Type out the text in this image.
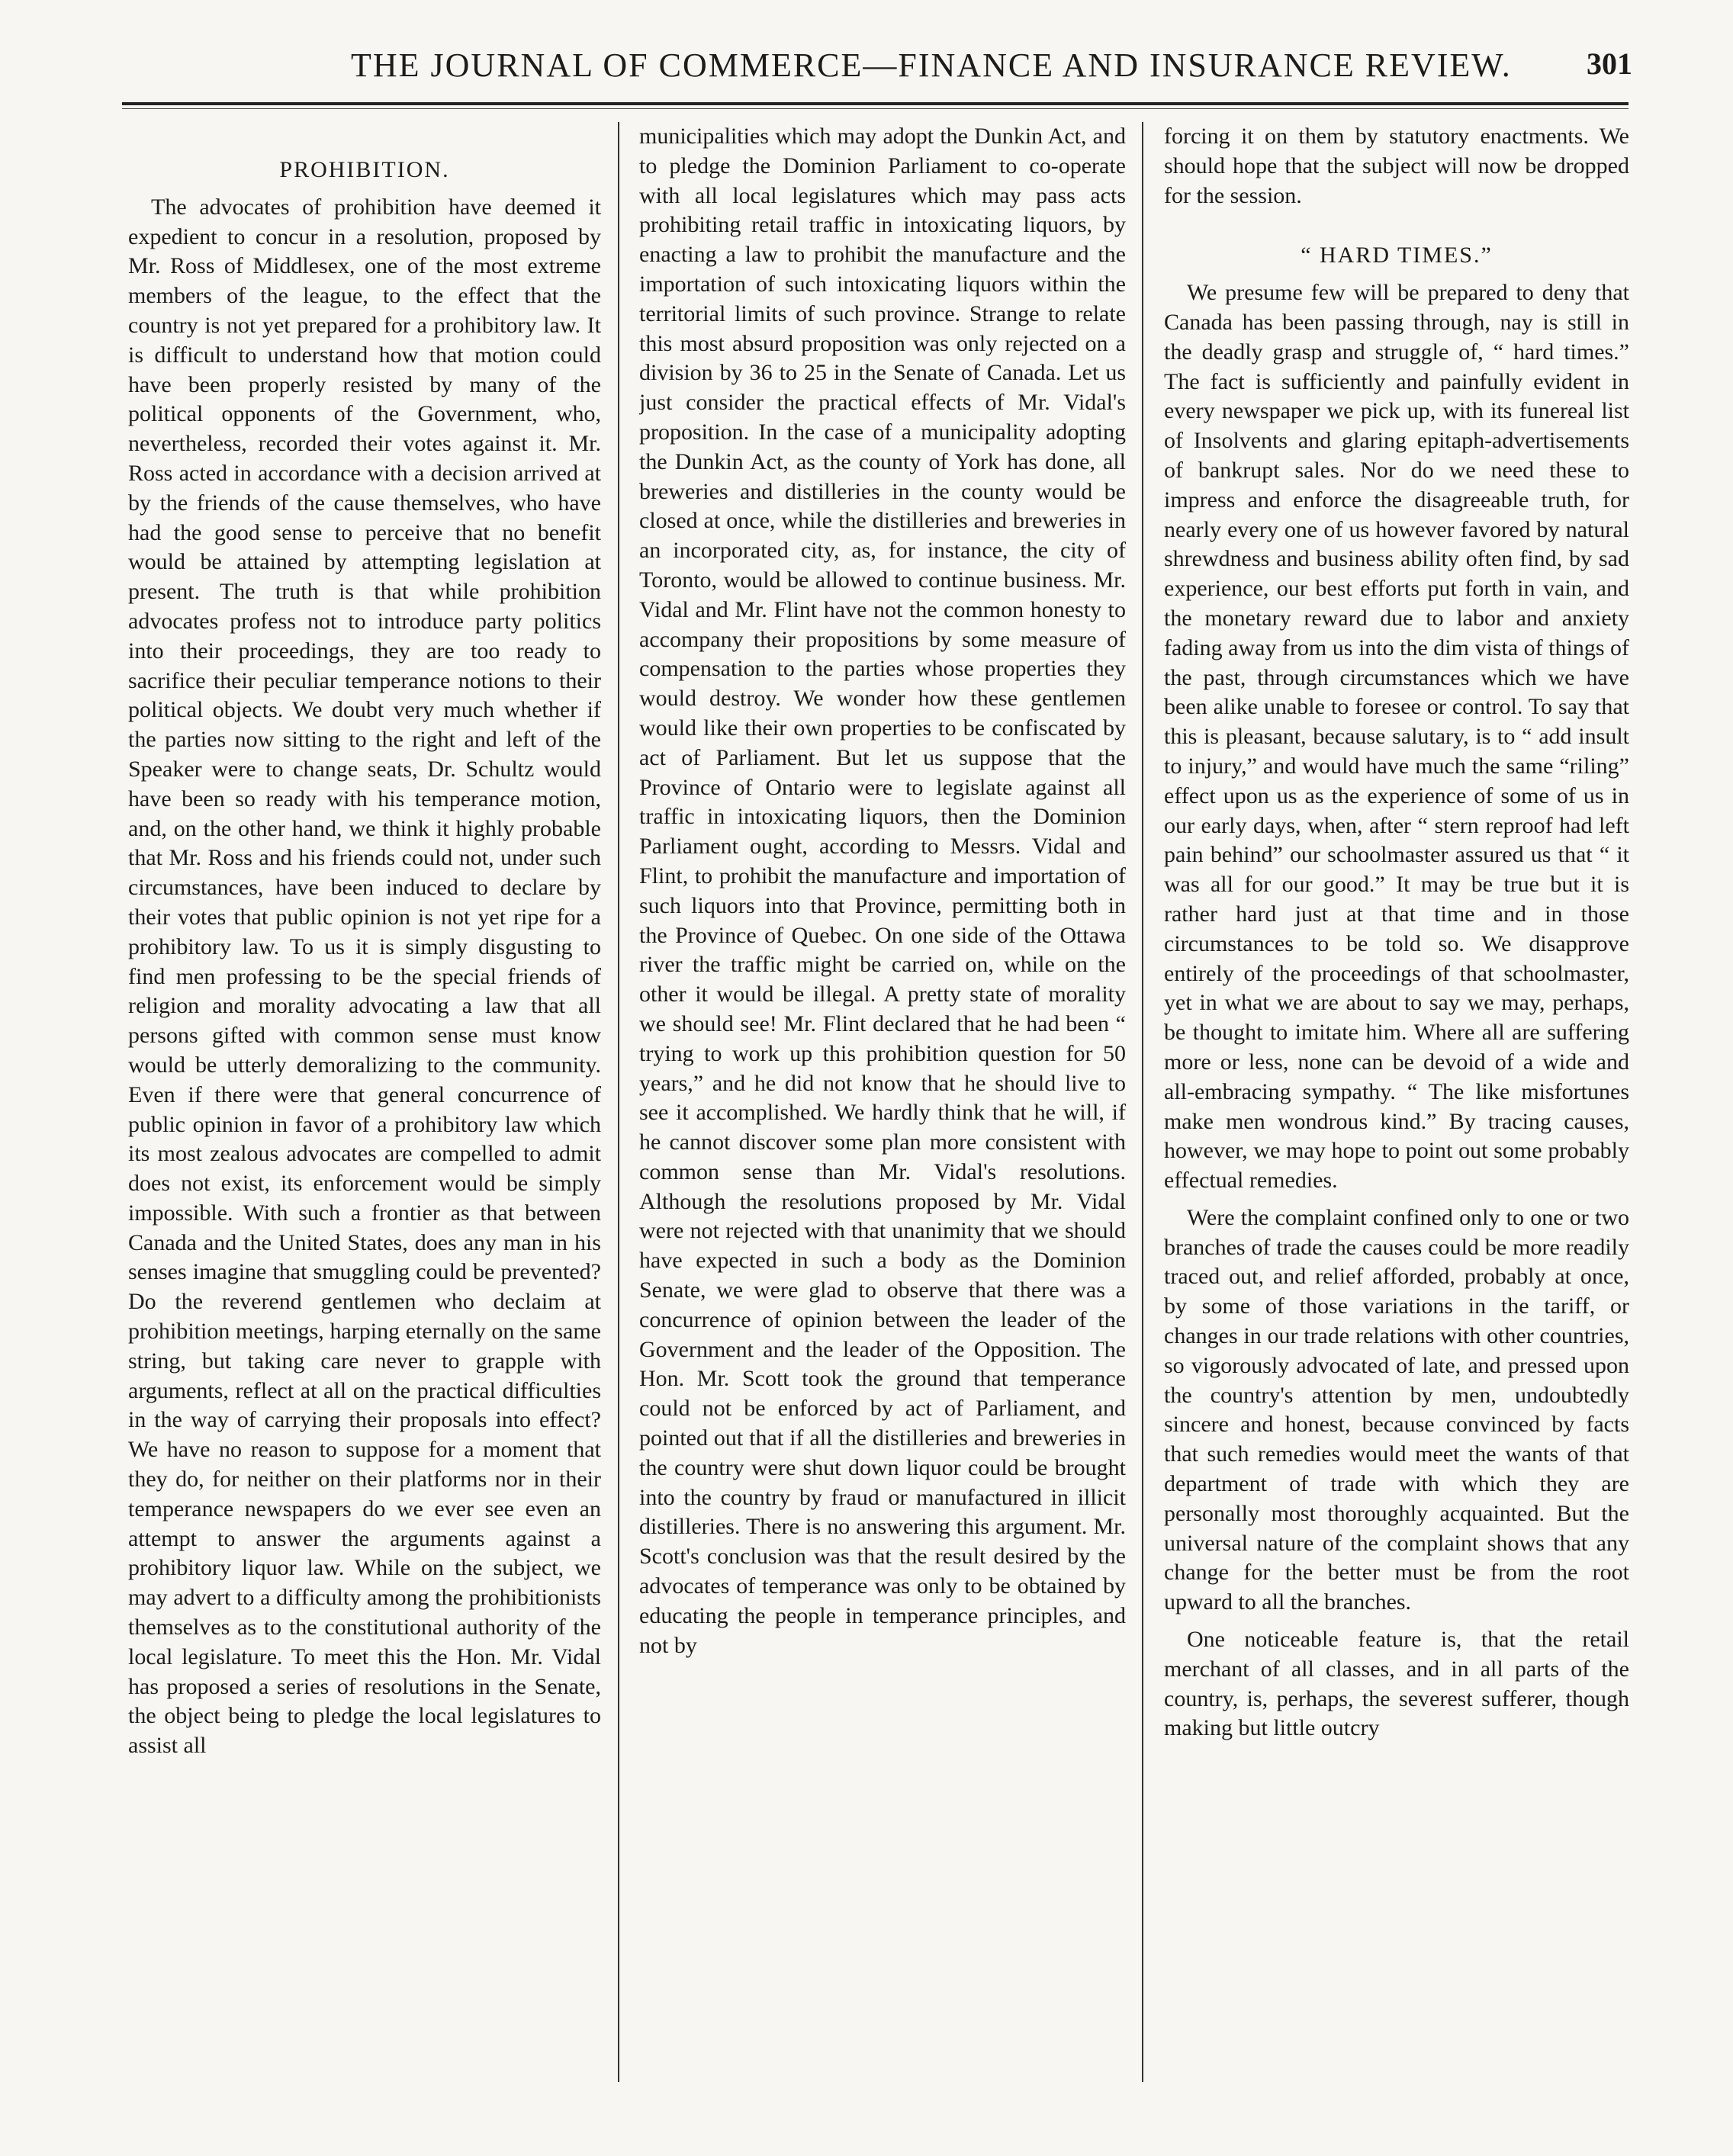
THE JOURNAL OF COMMERCE—FINANCE AND INSURANCE REVIEW. 301
PROHIBITION.

The advocates of prohibition have deemed it expedient to concur in a resolution, proposed by Mr. Ross of Middlesex, one of the most extreme members of the league, to the effect that the country is not yet prepared for a prohibitory law. It is difficult to understand how that motion could have been properly resisted by many of the political opponents of the Government, who, nevertheless, recorded their votes against it. Mr. Ross acted in accordance with a decision arrived at by the friends of the cause themselves, who have had the good sense to perceive that no benefit would be attained by attempting legislation at present. The truth is that while prohibition advocates profess not to introduce party politics into their proceedings, they are too ready to sacrifice their peculiar temperance notions to their political objects. We doubt very much whether if the parties now sitting to the right and left of the Speaker were to change seats, Dr. Schultz would have been so ready with his temperance motion, and, on the other hand, we think it highly probable that Mr. Ross and his friends could not, under such circumstances, have been induced to declare by their votes that public opinion is not yet ripe for a prohibitory law. To us it is simply disgusting to find men professing to be the special friends of religion and morality advocating a law that all persons gifted with common sense must know would be utterly demoralizing to the community. Even if there were that general concurrence of public opinion in favor of a prohibitory law which its most zealous advocates are compelled to admit does not exist, its enforcement would be simply impossible. With such a frontier as that between Canada and the United States, does any man in his senses imagine that smuggling could be prevented? Do the reverend gentlemen who declaim at prohibition meetings, harping eternally on the same string, but taking care never to grapple with arguments, reflect at all on the practical difficulties in the way of carrying their proposals into effect? We have no reason to suppose for a moment that they do, for neither on their platforms nor in their temperance newspapers do we ever see even an attempt to answer the arguments against a prohibitory liquor law. While on the subject, we may advert to a difficulty among the prohibitionists themselves as to the constitutional authority of the local legislature. To meet this the Hon. Mr. Vidal has proposed a series of resolutions in the Senate, the object being to pledge the local legislatures to assist all

municipalities which may adopt the Dunkin Act, and to pledge the Dominion Parliament to co-operate with all local legislatures which may pass acts prohibiting retail traffic in intoxicating liquors, by enacting a law to prohibit the manufacture and the importation of such intoxicating liquors within the territorial limits of such province. Strange to relate this most absurd proposition was only rejected on a division by 36 to 25 in the Senate of Canada. Let us just consider the practical effects of Mr. Vidal's proposition. In the case of a municipality adopting the Dunkin Act, as the county of York has done, all breweries and distilleries in the county would be closed at once, while the distilleries and breweries in an incorporated city, as, for instance, the city of Toronto, would be allowed to continue business. Mr. Vidal and Mr. Flint have not the common honesty to accompany their propositions by some measure of compensation to the parties whose properties they would destroy. We wonder how these gentlemen would like their own properties to be confiscated by act of Parliament. But let us suppose that the Province of Ontario were to legislate against all traffic in intoxicating liquors, then the Dominion Parliament ought, according to Messrs. Vidal and Flint, to prohibit the manufacture and importation of such liquors into that Province, permitting both in the Province of Quebec. On one side of the Ottawa river the traffic might be carried on, while on the other it would be illegal. A pretty state of morality we should see! Mr. Flint declared that he had been “ trying to work up this prohibition question for 50 years,” and he did not know that he should live to see it accomplished. We hardly think that he will, if he cannot discover some plan more consistent with common sense than Mr. Vidal's resolutions. Although the resolutions proposed by Mr. Vidal were not rejected with that unanimity that we should have expected in such a body as the Dominion Senate, we were glad to observe that there was a concurrence of opinion between the leader of the Government and the leader of the Opposition. The Hon. Mr. Scott took the ground that temperance could not be enforced by act of Parliament, and pointed out that if all the distilleries and breweries in the country were shut down liquor could be brought into the country by fraud or manufactured in illicit distilleries. There is no answering this argument. Mr. Scott's conclusion was that the result desired by the advocates of temperance was only to be obtained by educating the people in temperance principles, and not by

forcing it on them by statutory enactments. We should hope that the subject will now be dropped for the session.

“ HARD TIMES.”

We presume few will be prepared to deny that Canada has been passing through, nay is still in the deadly grasp and struggle of, “ hard times.” The fact is sufficiently and painfully evident in every newspaper we pick up, with its funereal list of Insolvents and glaring epitaph-advertisements of bankrupt sales. Nor do we need these to impress and enforce the disagreeable truth, for nearly every one of us however favored by natural shrewdness and business ability often find, by sad experience, our best efforts put forth in vain, and the monetary reward due to labor and anxiety fading away from us into the dim vista of things of the past, through circumstances which we have been alike unable to foresee or control. To say that this is pleasant, because salutary, is to “ add insult to injury,” and would have much the same “riling” effect upon us as the experience of some of us in our early days, when, after “ stern reproof had left pain behind” our schoolmaster assured us that “ it was all for our good.” It may be true but it is rather hard just at that time and in those circumstances to be told so. We disapprove entirely of the proceedings of that schoolmaster, yet in what we are about to say we may, perhaps, be thought to imitate him. Where all are suffering more or less, none can be devoid of a wide and all-embracing sympathy. “ The like misfortunes make men wondrous kind.” By tracing causes, however, we may hope to point out some probably effectual remedies.

Were the complaint confined only to one or two branches of trade the causes could be more readily traced out, and relief afforded, probably at once, by some of those variations in the tariff, or changes in our trade relations with other countries, so vigorously advocated of late, and pressed upon the country's attention by men, undoubtedly sincere and honest, because convinced by facts that such remedies would meet the wants of that department of trade with which they are personally most thoroughly acquainted. But the universal nature of the complaint shows that any change for the better must be from the root upward to all the branches.

One noticeable feature is, that the retail merchant of all classes, and in all parts of the country, is, perhaps, the severest sufferer, though making but little outcry
